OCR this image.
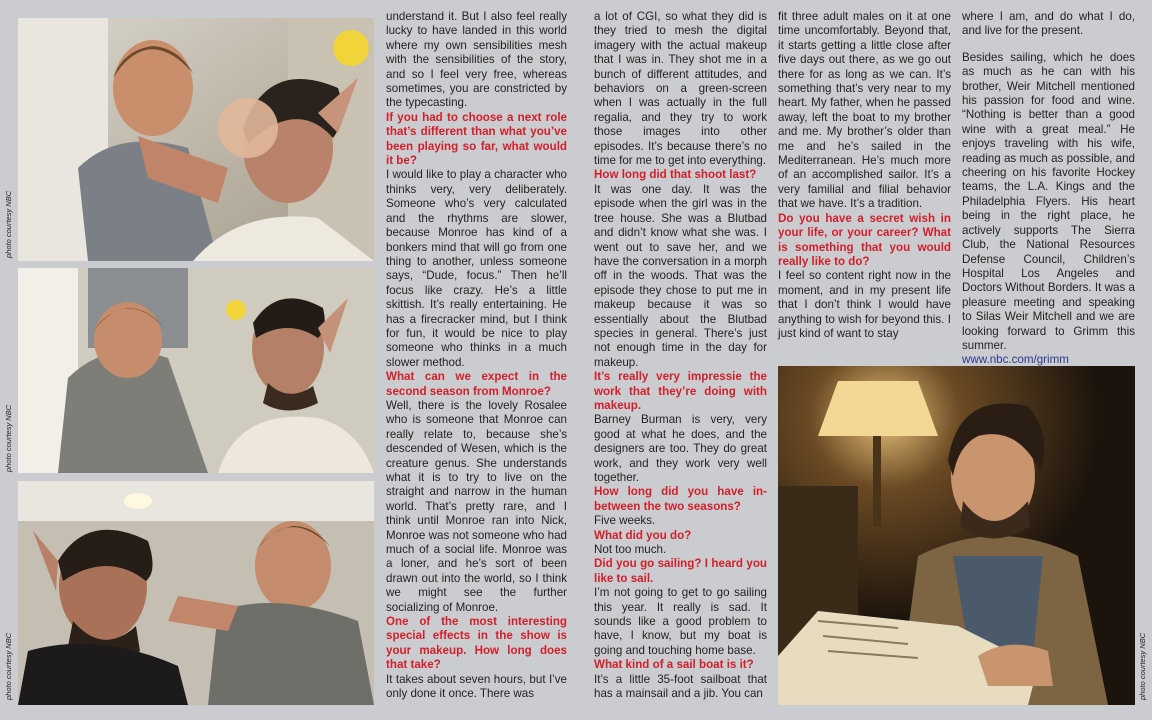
photo courtesy NBC
photo courtesy NBC
photo courtesy NBC	photo courtesy NBC

understand it. But I also feel really lucky to have landed in this world where my own sensibilities mesh with the sensibilities of the story, and so I feel very free, whereas sometimes, you are constricted by the typecasting.

If you had to choose a next role that’s different than what you’ve been playing so far, what would it be?

I would like to play a character who thinks very, very deliberately. Someone who’s very calculated and the rhythms are slower, because Monroe has kind of a bonkers mind that will go from one thing to another, unless someone says, “Dude, focus.” Then he’ll focus like crazy. He’s a little skittish. It’s really entertaining. He has a firecracker mind, but I think for fun, it would be nice to play someone who thinks in a much slower method.

What can we expect in the second season from Monroe?

Well, there is the lovely Rosalee who is someone that Monroe can really relate to, because she’s descended of Wesen, which is the creature genus. She understands what it is to try to live on the straight and narrow in the human world. That’s pretty rare, and I think until Monroe ran into Nick, Monroe was not someone who had much of a social life. Monroe was a loner, and he’s sort of been drawn out into the world, so I think we might see the further socializing of Monroe.

One of the most interesting special effects in the show is your makeup. How long does that take?

It takes about seven hours, but I’ve only done it once. There was

a lot of CGI, so what they did is they tried to mesh the digital imagery with the actual makeup that I was in. They shot me in a bunch of different attitudes, and behaviors on a green-screen when I was actually in the full regalia, and they try to work those images into other episodes. It’s because there’s no time for me to get into everything.

How long did that shoot last?

It was one day. It was the episode when the girl was in the tree house. She was a Blutbad and didn’t know what she was. I went out to save her, and we have the conversation in a morph off in the woods. That was the episode they chose to put me in makeup because it was so essentially about the Blutbad species in general. There’s just not enough time in the day for makeup.

It’s really very impressie the work that they’re doing with makeup.

Barney Burman is very, very good at what he does, and the designers are too. They do great work, and they work very well together.

How long did you have in-between the two seasons?

Five weeks.

What did you do?

Not too much.

Did you go sailing? I heard you like to sail.

I’m not going to get to go sailing this year. It really is sad. It sounds like a good problem to have, I know, but my boat is going and touching home base.

What kind of a sail boat is it?

It’s a little 35-foot sailboat that has a mainsail and a jib. You can

fit three adult males on it at one time uncomfortably. Beyond that, it starts getting a little close after five days out there, as we go out there for as long as we can. It’s something that’s very near to my heart. My father, when he passed away, left the boat to my brother and me. My brother’s older than me and he’s sailed in the Mediterranean. He’s much more of an accomplished sailor. It’s a very familial and filial behavior that we have. It’s a tradition.

Do you have a secret wish in your life, or your career? What is something that you would really like to do?

I feel so content right now in the moment, and in my present life that I don’t think I would have anything to wish for beyond this. I just kind of want to stay

where I am, and do what I do, and live for the present.

Besides sailing, which he does as much as he can with his brother, Weir Mitchell mentioned his passion for food and wine. “Nothing is better than a good wine with a great meal.” He enjoys traveling with his wife, reading as much as possible, and cheering on his favorite Hockey teams, the L.A. Kings and the Philadelphia Flyers. His heart being in the right place, he actively supports The Sierra Club, the National Resources Defense Council, Children’s Hospital Los Angeles and Doctors Without Borders. It was a pleasure meeting and speaking to Silas Weir Mitchell and we are looking forward to Grimm this summer.

www.nbc.com/grimm
